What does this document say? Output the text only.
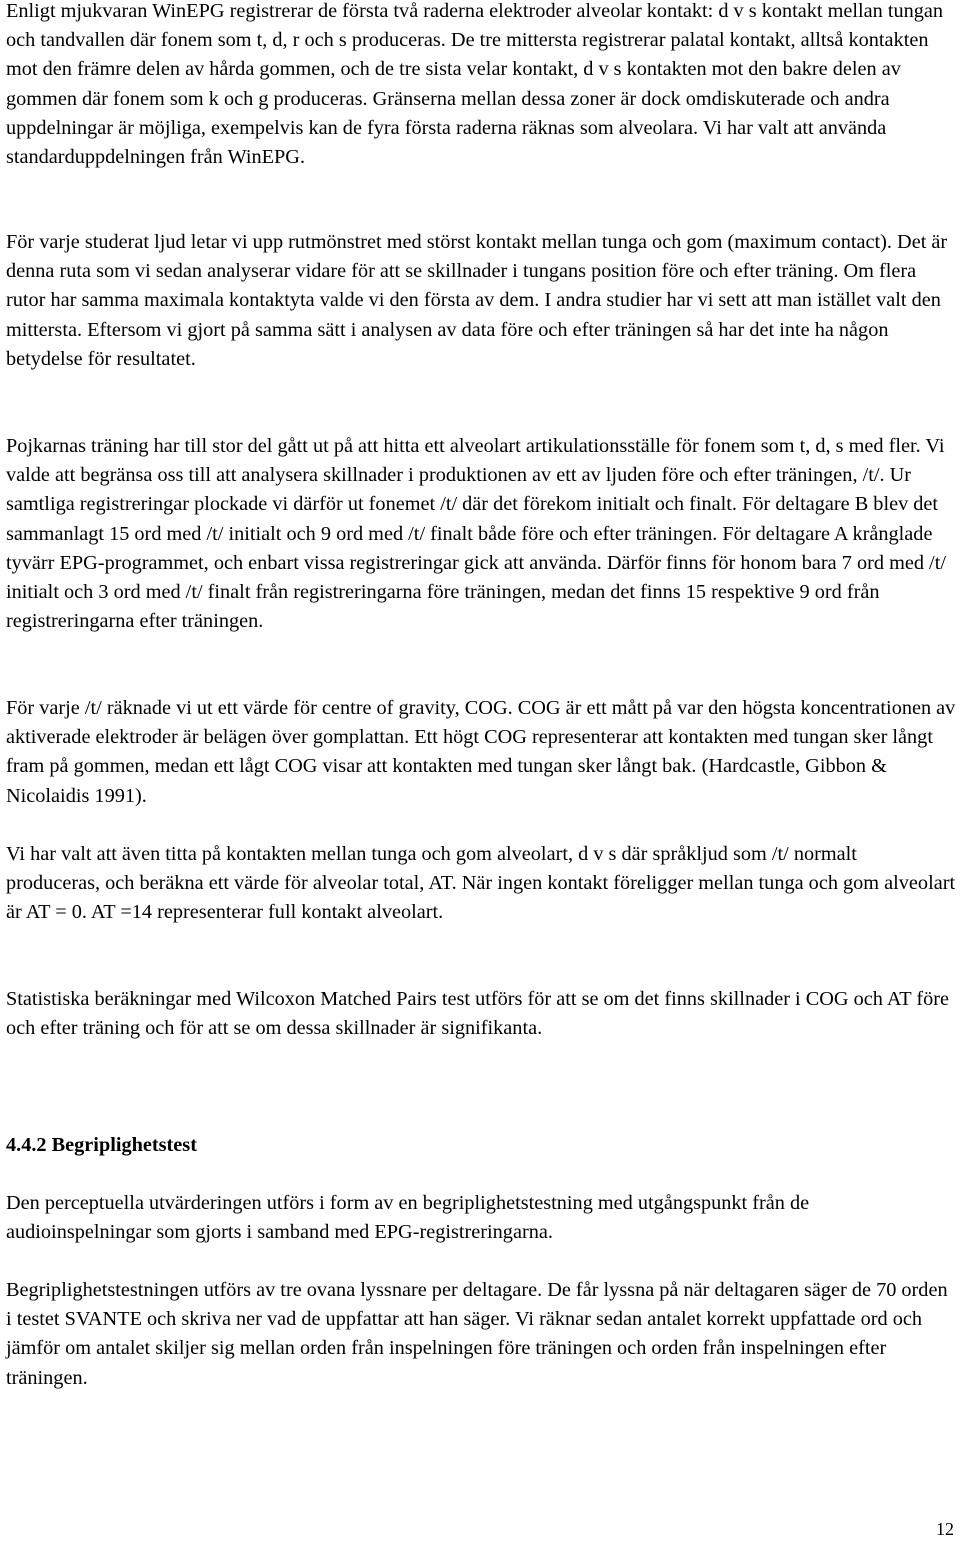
Enligt mjukvaran WinEPG registrerar de första två raderna elektroder alveolar kontakt: d v s kontakt mellan tungan och tandvallen där fonem som t, d, r och s produceras. De tre mittersta registrerar palatal kontakt, alltså kontakten mot den främre delen av hårda gommen, och de tre sista velar kontakt, d v s kontakten mot den bakre delen av gommen där fonem som k och g produceras. Gränserna mellan dessa zoner är dock omdiskuterade och andra uppdelningar är möjliga, exempelvis kan de fyra första raderna räknas som alveolara. Vi har valt att använda standarduppdelningen från WinEPG.

För varje studerat ljud letar vi upp rutmönstret med störst kontakt mellan tunga och gom (maximum contact). Det är denna ruta som vi sedan analyserar vidare för att se skillnader i tungans position före och efter träning. Om flera rutor har samma maximala kontaktyta valde vi den första av dem. I andra studier har vi sett att man istället valt den mittersta. Eftersom vi gjort på samma sätt i analysen av data före och efter träningen så har det inte ha någon betydelse för resultatet.

Pojkarnas träning har till stor del gått ut på att hitta ett alveolart artikulationsställe för fonem som t, d, s med fler. Vi valde att begränsa oss till att analysera skillnader i produktionen av ett av ljuden före och efter träningen, /t/. Ur samtliga registreringar plockade vi därför ut fonemet /t/ där det förekom initialt och finalt. För deltagare B blev det sammanlagt 15 ord med /t/ initialt och 9 ord med /t/ finalt både före och efter träningen. För deltagare A krånglade tyvärr EPG-programmet, och enbart vissa registreringar gick att använda. Därför finns för honom bara 7 ord med /t/ initialt och 3 ord med /t/ finalt från registreringarna före träningen, medan det finns 15 respektive 9 ord från registreringarna efter träningen.

För varje /t/ räknade vi ut ett värde för centre of gravity, COG. COG är ett mått på var den högsta koncentrationen av aktiverade elektroder är belägen över gomplattan. Ett högt COG representerar att kontakten med tungan sker långt fram på gommen, medan ett lågt COG visar att kontakten med tungan sker långt bak. (Hardcastle, Gibbon & Nicolaidis 1991).

Vi har valt att även titta på kontakten mellan tunga och gom alveolart, d v s där språkljud som /t/ normalt produceras, och beräkna ett värde för alveolar total, AT. När ingen kontakt föreligger mellan tunga och gom alveolart är AT = 0. AT =14 representerar full kontakt alveolart.

Statistiska beräkningar med Wilcoxon Matched Pairs test utförs för att se om det finns skillnader i COG och AT före och efter träning och för att se om dessa skillnader är signifikanta.

4.4.2 Begriplighetstest

Den perceptuella utvärderingen utförs i form av en begriplighetstestning med utgångspunkt från de audioinspelningar som gjorts i samband med EPG-registreringarna.

Begriplighetstestningen utförs av tre ovana lyssnare per deltagare. De får lyssna på när deltagaren säger de 70 orden i testet SVANTE och skriva ner vad de uppfattar att han säger. Vi räknar sedan antalet korrekt uppfattade ord och jämför om antalet skiljer sig mellan orden från inspelningen före träningen och orden från inspelningen efter träningen.

12
